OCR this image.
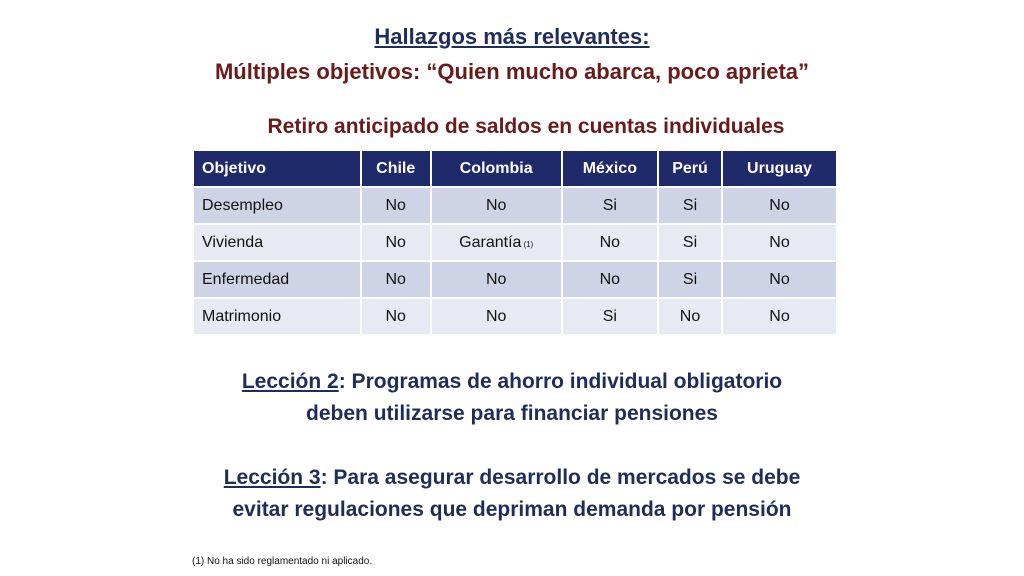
Hallazgos más relevantes:
Múltiples objetivos: “Quien mucho abarca, poco aprieta”
Retiro anticipado de saldos en cuentas individuales
Objetivo	Chile	Colombia	México	Perú	Uruguay
Desempleo	No	No	Si	Si	No
Vivienda	No	Garantía (1)	No	Si	No
Enfermedad	No	No	No	Si	No
Matrimonio	No	No	Si	No	No
Lección 2: Programas de ahorro individual obligatorio
deben utilizarse para financiar pensiones
Lección 3: Para asegurar desarrollo de mercados se debe
evitar regulaciones que depriman demanda por pensión
(1) No ha sido reglamentado ni aplicado.
